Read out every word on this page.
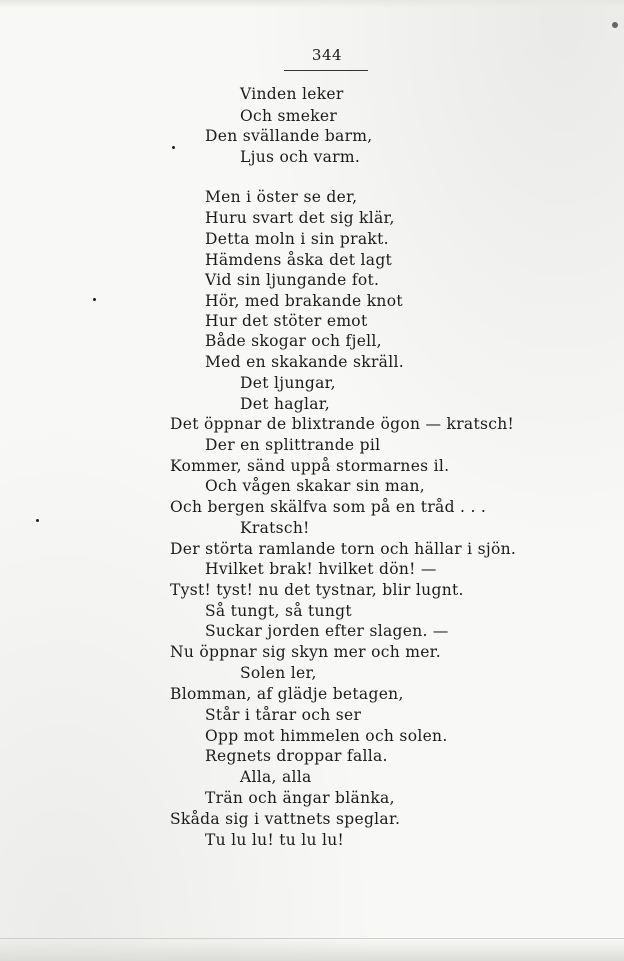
344
Vinden leker
Och smeker
Den svällande barm,
Ljus och varm.
Men i öster se der,
Huru svart det sig klär,
Detta moln i sin prakt.
Hämdens åska det lagt
Vid sin ljungande fot.
Hör, med brakande knot
Hur det stöter emot
Både skogar och fjell,
Med en skakande skräll.
Det ljungar,
Det haglar,
Det öppnar de blixtrande ögon — kratsch!
Der en splittrande pil
Kommer, sänd uppå stormarnes il.
Och vågen skakar sin man,
Och bergen skälfva som på en tråd . . .
Kratsch!
Der störta ramlande torn och hällar i sjön.
Hvilket brak! hvilket dön! —
Tyst! tyst! nu det tystnar, blir lugnt.
Så tungt, så tungt
Suckar jorden efter slagen. —
Nu öppnar sig skyn mer och mer.
Solen ler,
Blomman, af glädje betagen,
Står i tårar och ser
Opp mot himmelen och solen.
Regnets droppar falla.
Alla, alla
Trän och ängar blänka,
Skåda sig i vattnets speglar.
Tu lu lu! tu lu lu!
